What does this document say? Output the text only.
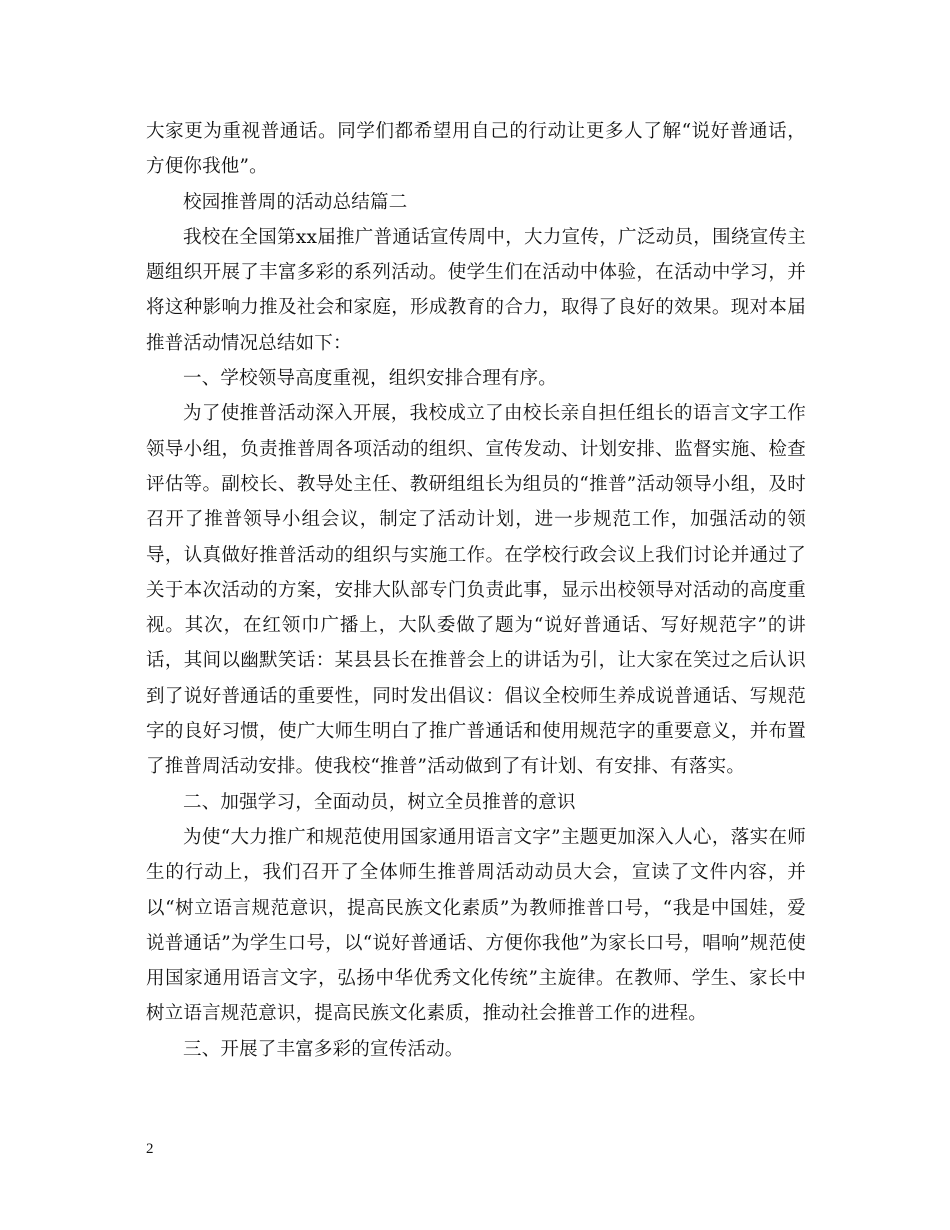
大家更为重视普通话。同学们都希望用自己的行动让更多人了解“说好普通话，方便你我他”。

校园推普周的活动总结篇二

我校在全国第xx届推广普通话宣传周中，大力宣传，广泛动员，围绕宣传主题组织开展了丰富多彩的系列活动。使学生们在活动中体验，在活动中学习，并将这种影响力推及社会和家庭，形成教育的合力，取得了良好的效果。现对本届推普活动情况总结如下：

一、学校领导高度重视，组织安排合理有序。

为了使推普活动深入开展，我校成立了由校长亲自担任组长的语言文字工作领导小组，负责推普周各项活动的组织、宣传发动、计划安排、监督实施、检查评估等。副校长、教导处主任、教研组组长为组员的“推普”活动领导小组，及时召开了推普领导小组会议，制定了活动计划，进一步规范工作，加强活动的领导，认真做好推普活动的组织与实施工作。在学校行政会议上我们讨论并通过了关于本次活动的方案，安排大队部专门负责此事，显示出校领导对活动的高度重视。其次，在红领巾广播上，大队委做了题为“说好普通话、写好规范字”的讲话，其间以幽默笑话：某县县长在推普会上的讲话为引，让大家在笑过之后认识到了说好普通话的重要性，同时发出倡议：倡议全校师生养成说普通话、写规范字的良好习惯，使广大师生明白了推广普通话和使用规范字的重要意义，并布置了推普周活动安排。使我校“推普”活动做到了有计划、有安排、有落实。

二、加强学习，全面动员，树立全员推普的意识

为使“大力推广和规范使用国家通用语言文字”主题更加深入人心，落实在师生的行动上，我们召开了全体师生推普周活动动员大会，宣读了文件内容，并以“树立语言规范意识，提高民族文化素质”为教师推普口号，“我是中国娃，爱说普通话”为学生口号，以“说好普通话、方便你我他”为家长口号，唱响”规范使用国家通用语言文字，弘扬中华优秀文化传统”主旋律。在教师、学生、家长中树立语言规范意识，提高民族文化素质，推动社会推普工作的进程。

三、开展了丰富多彩的宣传活动。

2
